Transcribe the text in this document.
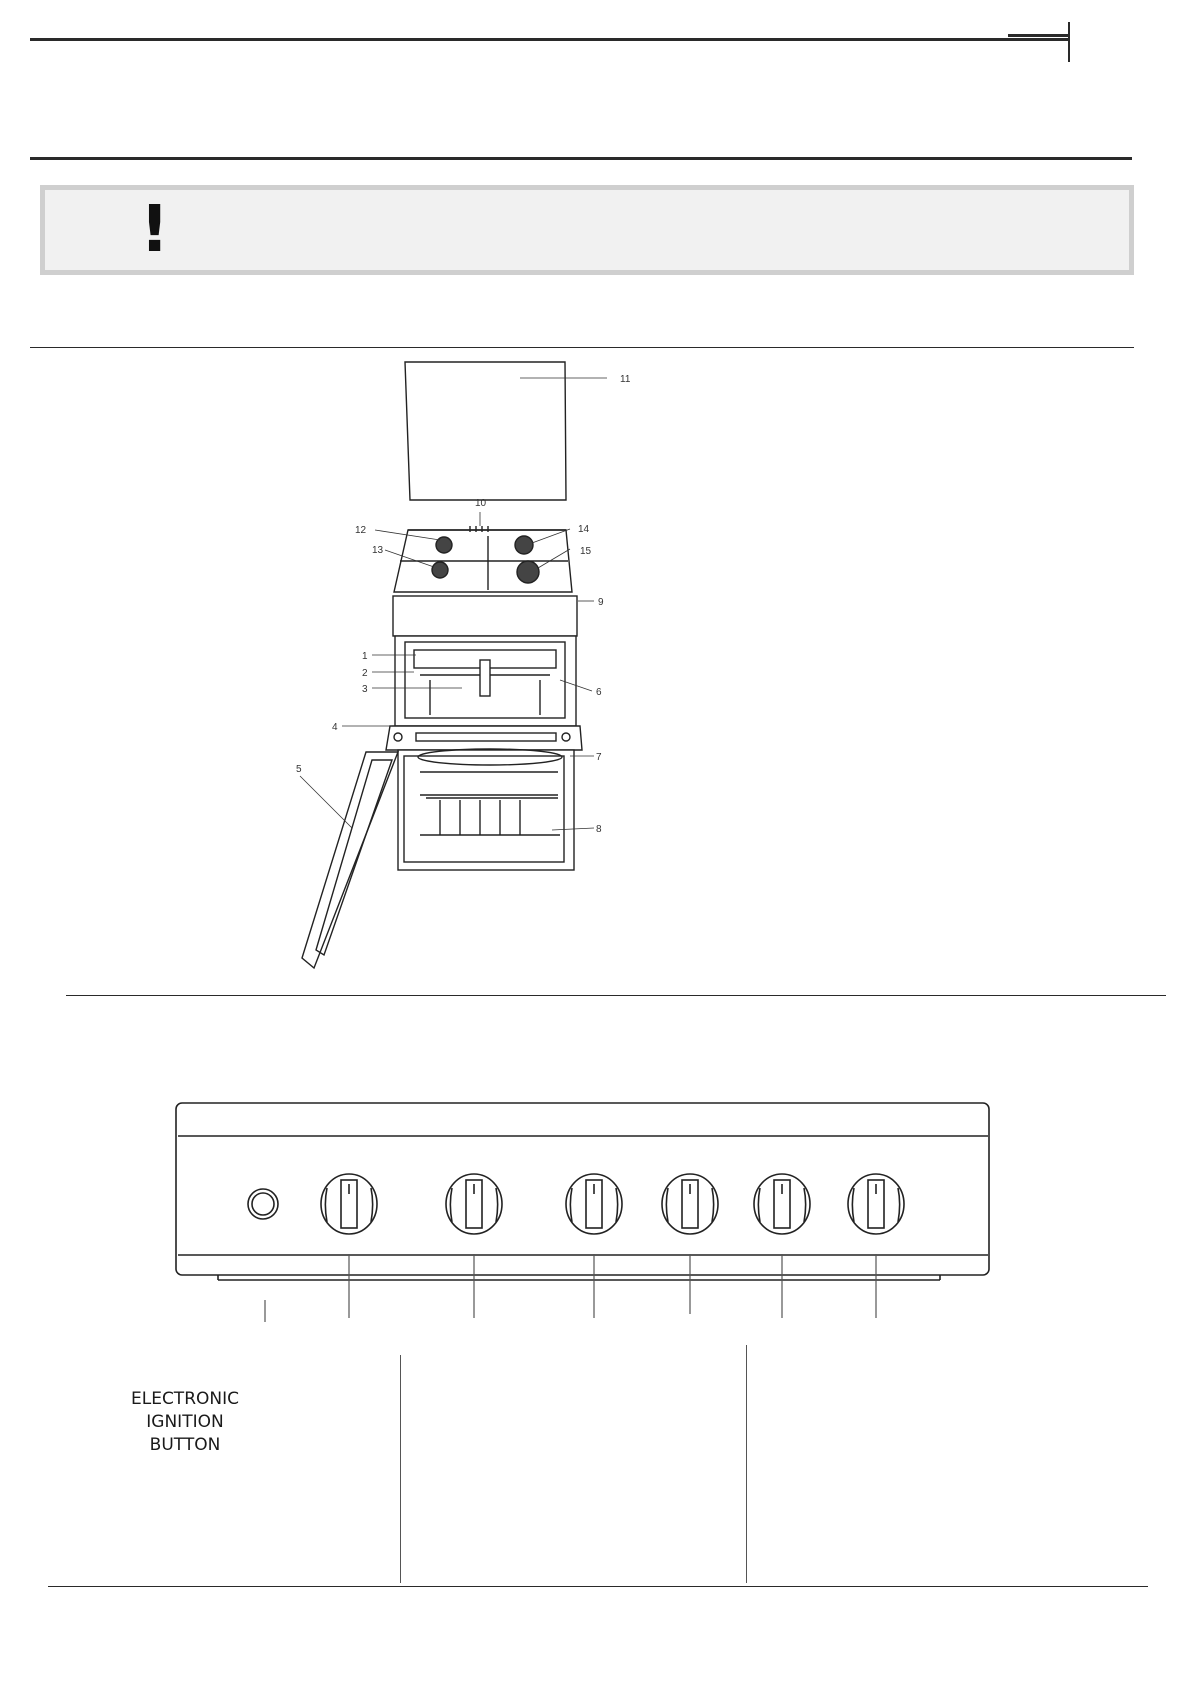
!
11
10
12
13
14
15
9
1
2
3
4
6
7
8
5
ELECTRONIC
IGNITION
BUTTON
